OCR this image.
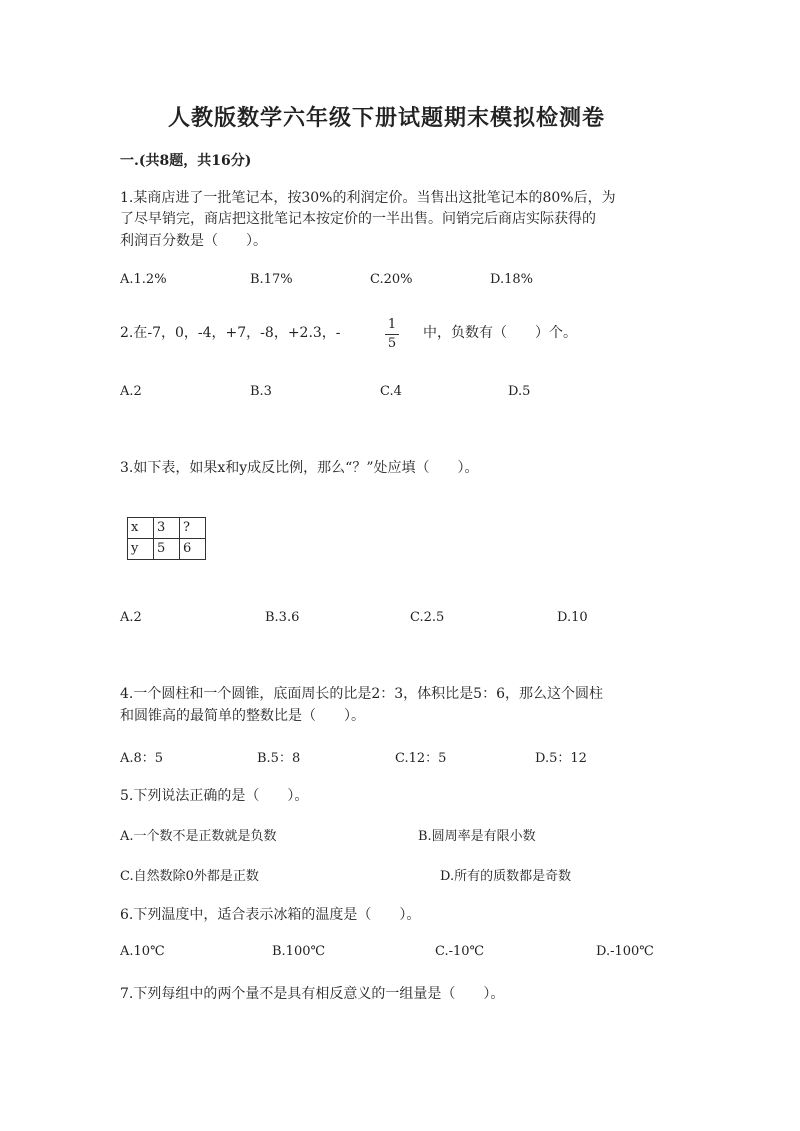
人教版数学六年级下册试题期末模拟检测卷
一.(共8题，共16分)
1.某商店进了一批笔记本，按30%的利润定价。当售出这批笔记本的80%后，为
了尽早销完，商店把这批笔记本按定价的一半出售。问销完后商店实际获得的
利润百分数是（　　）。
A.1.2%	B.17%	C.20%	D.18%
2.在-7，0，-4，+7，-8，+2.3，-
1
5
中，负数有（　　）个。
A.2	B.3	C.4	D.5
3.如下表，如果x和y成反比例，那么“？”处应填（　　）。
x	3	?
y	5	6
A.2	B.3.6	C.2.5	D.10
4.一个圆柱和一个圆锥，底面周长的比是2：3，体积比是5：6，那么这个圆柱
和圆锥高的最简单的整数比是（　　）。
A.8：5	B.5：8	C.12：5	D.5：12
5.下列说法正确的是（　　）。
A.一个数不是正数就是负数	B.圆周率是有限小数
C.自然数除0外都是正数	D.所有的质数都是奇数
6.下列温度中，适合表示冰箱的温度是（　　）。
A.10℃	B.100℃	C.-10℃	D.-100℃
7.下列每组中的两个量不是具有相反意义的一组量是（　　）。
